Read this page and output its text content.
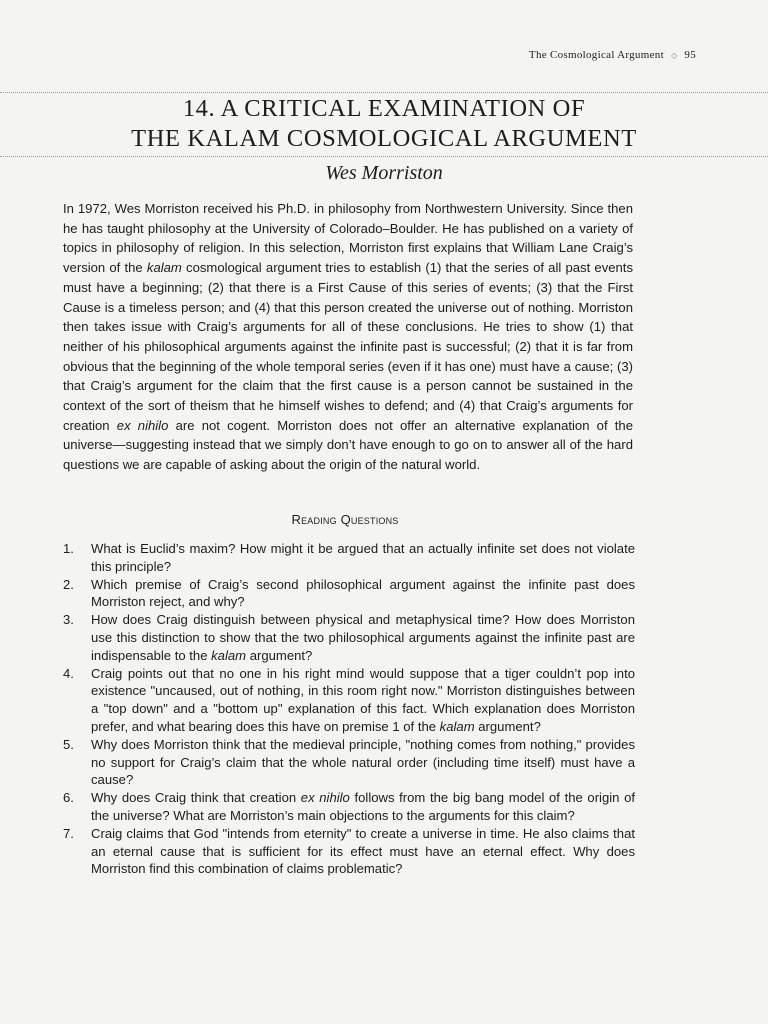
The Cosmological Argument ◇ 95
14. A CRITICAL EXAMINATION OF
THE KALAM COSMOLOGICAL ARGUMENT
Wes Morriston

In 1972, Wes Morriston received his Ph.D. in philosophy from Northwestern University. Since then he has taught philosophy at the University of Colorado–Boulder. He has published on a variety of topics in philosophy of religion. In this selection, Morriston first explains that William Lane Craig’s version of the kalam cosmological argument tries to establish (1) that the series of all past events must have a beginning; (2) that there is a First Cause of this series of events; (3) that the First Cause is a timeless person; and (4) that this person created the universe out of nothing. Morriston then takes issue with Craig’s arguments for all of these conclusions. He tries to show (1) that neither of his philosophical arguments against the infinite past is successful; (2) that it is far from obvious that the beginning of the whole temporal series (even if it has one) must have a cause; (3) that Craig’s argument for the claim that the first cause is a person cannot be sustained in the context of the sort of theism that he himself wishes to defend; and (4) that Craig’s arguments for creation ex nihilo are not cogent. Morriston does not offer an alternative explanation of the universe—suggesting instead that we simply don’t have enough to go on to answer all of the hard questions we are capable of asking about the origin of the natural world.

Reading Questions
1.	What is Euclid’s maxim? How might it be argued that an actually infinite set does not violate this principle?
2.	Which premise of Craig’s second philosophical argument against the infinite past does Morriston reject, and why?
3.	How does Craig distinguish between physical and metaphysical time? How does Morriston use this distinction to show that the two philosophical arguments against the infinite past are indispensable to the kalam argument?
4.	Craig points out that no one in his right mind would suppose that a tiger couldn’t pop into existence "uncaused, out of nothing, in this room right now." Morriston distinguishes between a "top down" and a "bottom up" explanation of this fact. Which explanation does Morriston prefer, and what bearing does this have on premise 1 of the kalam argument?
5.	Why does Morriston think that the medieval principle, "nothing comes from nothing," provides no support for Craig’s claim that the whole natural order (including time itself) must have a cause?
6.	Why does Craig think that creation ex nihilo follows from the big bang model of the origin of the universe? What are Morriston’s main objections to the arguments for this claim?
7.	Craig claims that God "intends from eternity" to create a universe in time. He also claims that an eternal cause that is sufficient for its effect must have an eternal effect. Why does Morriston find this combination of claims problematic?
